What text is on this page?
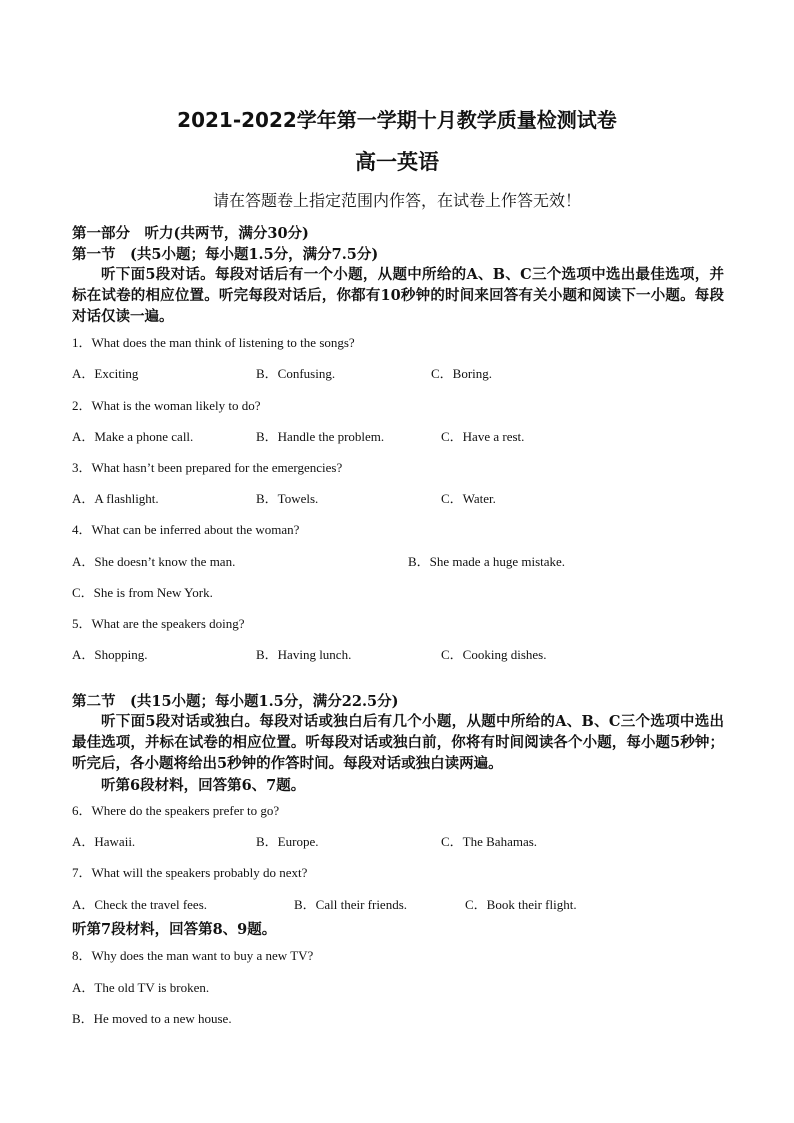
2021-2022学年第一学期十月教学质量检测试卷
高一英语
请在答题卷上指定范围内作答，在试卷上作答无效！
第一部分　听力(共两节，满分30分)
第一节　(共5小题；每小题1.5分，满分7.5分)
听下面5段对话。每段对话后有一个小题，从题中所给的A、B、C三个选项中选出最佳选项，并标在试卷的相应位置。听完每段对话后，你都有10秒钟的时间来回答有关小题和阅读下一小题。每段对话仅读一遍。
1．What does the man think of listening to the songs?
A．Exciting	B．Confusing.	C．Boring.
2．What is the woman likely to do?
A．Make a phone call.	B．Handle the problem.	C．Have a rest.
3．What hasn’t been prepared for the emergencies?
A．A flashlight.	B．Towels.	C．Water.
4．What can be inferred about the woman?
A．She doesn’t know the man.	B．She made a huge mistake.
C．She is from New York.
5．What are the speakers doing?
A．Shopping.	B．Having lunch.	C．Cooking dishes.
第二节　(共15小题；每小题1.5分，满分22.5分)
听下面5段对话或独白。每段对话或独白后有几个小题，从题中所给的A、B、C三个选项中选出最佳选项，并标在试卷的相应位置。听每段对话或独白前，你将有时间阅读各个小题，每小题5秒钟；听完后，各小题将给出5秒钟的作答时间。每段对话或独白读两遍。
听第6段材料，回答第6、7题。
6．Where do the speakers prefer to go?
A．Hawaii.	B．Europe.	C．The Bahamas.
7．What will the speakers probably do next?
A．Check the travel fees.	B．Call their friends.	C．Book their flight.
听第7段材料，回答第8、9题。
8．Why does the man want to buy a new TV?
A．The old TV is broken.
B．He moved to a new house.
